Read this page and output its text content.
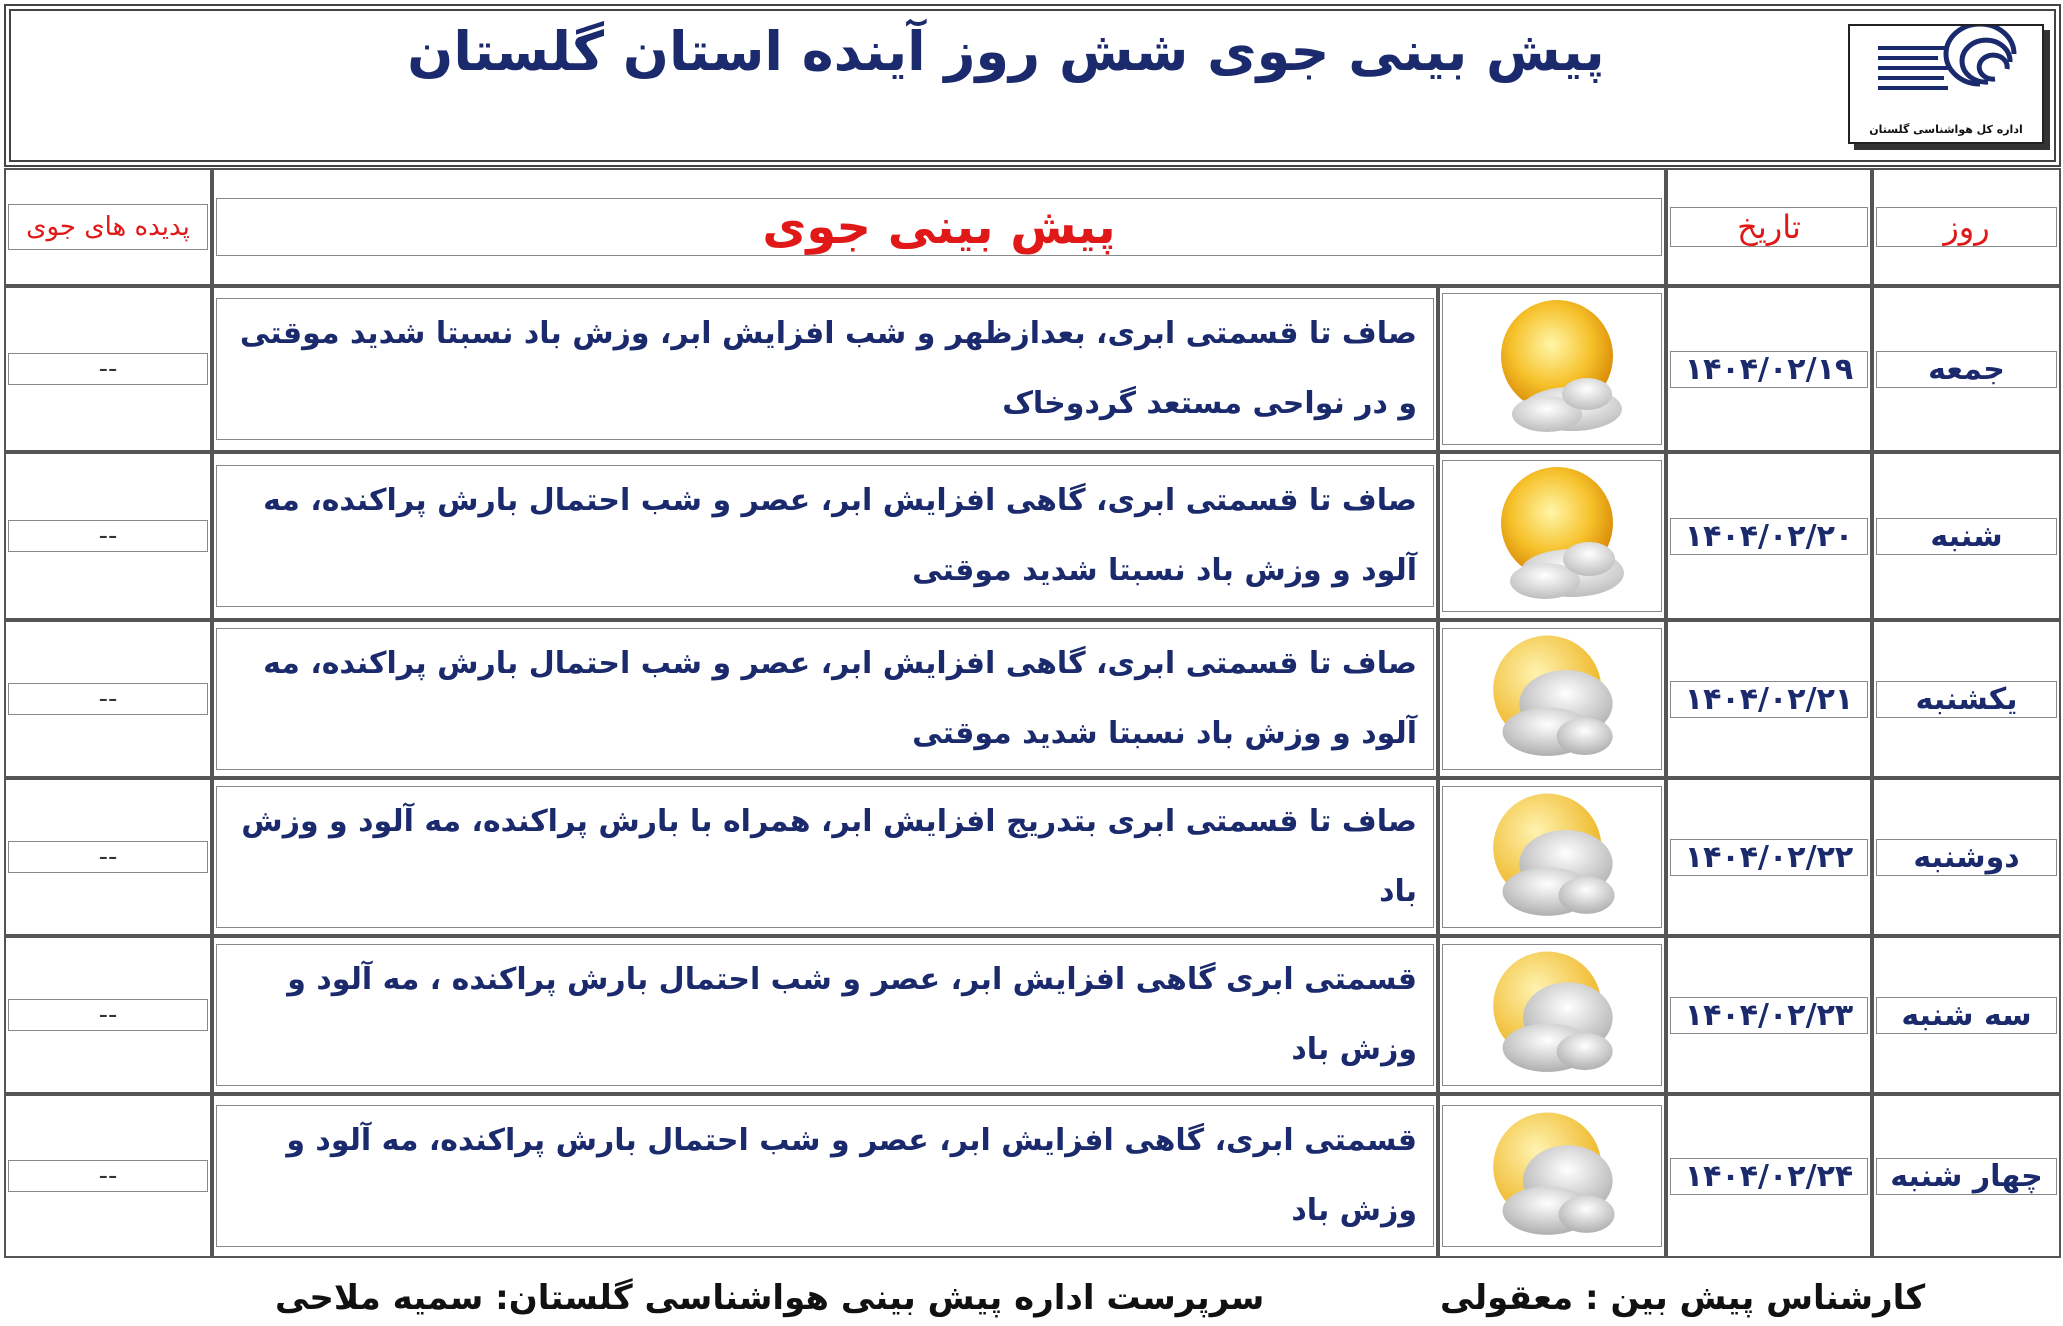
پیش بینی جوی شش روز آینده استان گلستان
اداره کل هواشناسی گلستان
پدیده های جوی	پیش بینی جوی		تاریخ	روز

--	صاف تا قسمتی ابری، بعدازظهر و شب افزایش ابر، وزش باد نسبتا شدید موقتی و در نواحی مستعد گردوخاک		۱۴۰۴/۰۲/۱۹	جمعه

--	صاف تا قسمتی ابری، گاهی افزایش ابر، عصر و شب احتمال بارش پراکنده، مه آلود و وزش باد نسبتا شدید موقتی		۱۴۰۴/۰۲/۲۰	شنبه

--	صاف تا قسمتی ابری، گاهی افزایش ابر، عصر و شب احتمال بارش پراکنده، مه آلود و وزش باد نسبتا شدید موقتی		۱۴۰۴/۰۲/۲۱	یکشنبه

--	صاف تا قسمتی ابری بتدریج افزایش ابر، همراه با بارش پراکنده، مه آلود و وزش باد		۱۴۰۴/۰۲/۲۲	دوشنبه

--	قسمتی ابری گاهی افزایش ابر، عصر و شب احتمال بارش پراکنده ، مه آلود و وزش باد		۱۴۰۴/۰۲/۲۳	سه شنبه

--	قسمتی ابری، گاهی افزایش ابر، عصر و شب احتمال بارش پراکنده، مه آلود و وزش باد		۱۴۰۴/۰۲/۲۴	چهار شنبه
کارشناس پیش بین : معقولی
سرپرست اداره پیش بینی هواشناسی گلستان: سمیه ملاحی
